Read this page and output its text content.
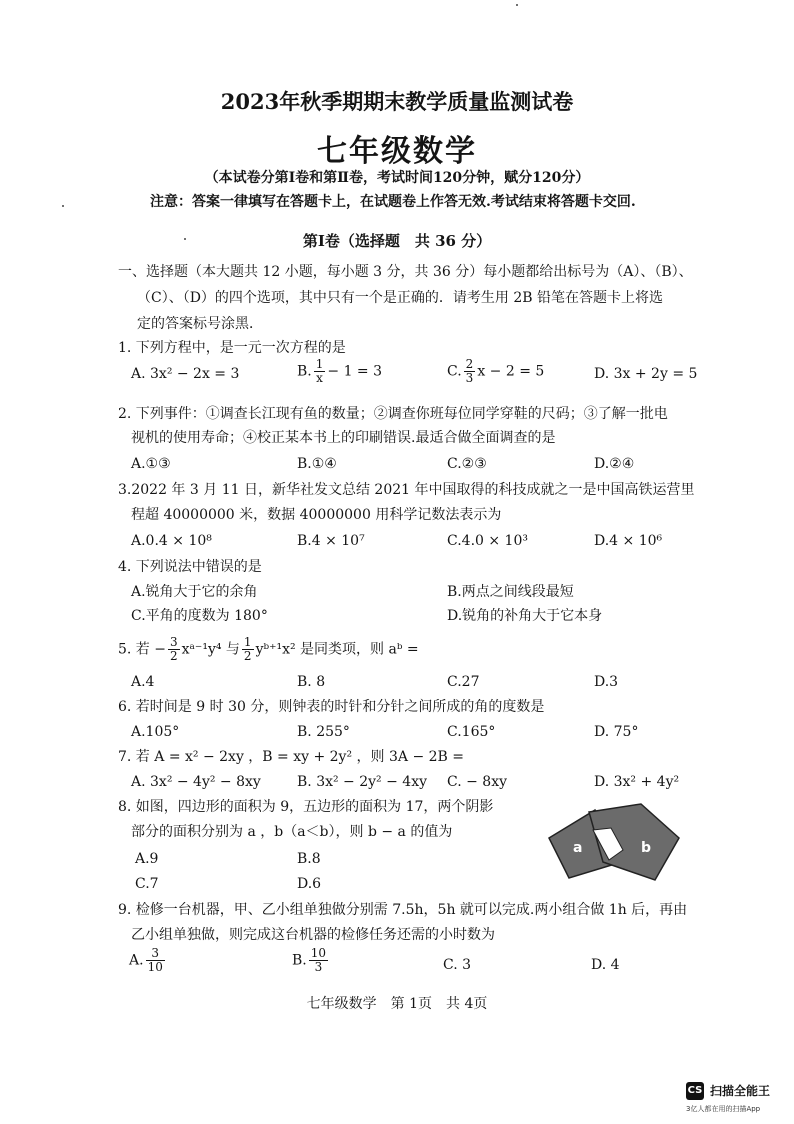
2023年秋季期期末教学质量监测试卷
七年级数学
（本试卷分第Ⅰ卷和第Ⅱ卷，考试时间120分钟，赋分120分）
注意：答案一律填写在答题卡上，在试题卷上作答无效.考试结束将答题卡交回.
第Ⅰ卷（选择题　共 36 分）
一、选择题（本大题共 12 小题，每小题 3 分，共 36 分）每小题都给出标号为（A）、（B）、
（C）、（D）的四个选项，其中只有一个是正确的．请考生用 2B 铅笔在答题卡上将选
定的答案标号涂黑．
1. 下列方程中，是一元一次方程的是
A. 3x² − 2x = 3	B. $\frac{1}{x} - 1 = 3$	C. $\frac{2}{3}$ x − 2 = 5	D. 3x + 2y = 5
2. 下列事件：①调查长江现有鱼的数量；②调查你班每位同学穿鞋的尺码；③了解一批电
视机的使用寿命；④校正某本书上的印刷错误.最适合做全面调查的是
A.①③	B.①④	C.②③	D.②④
3.2022 年 3 月 11 日，新华社发文总结 2021 年中国取得的科技成就之一是中国高铁运营里
程超 40000000 米，数据 40000000 用科学记数法表示为
A.0.4 × 10⁸	B.4 × 10⁷	C.4.0 × 10³	D.4 × 10⁶
4. 下列说法中错误的是
A.锐角大于它的余角	B.两点之间线段最短
C.平角的度数为 180°	D.锐角的补角大于它本身
5. 若 − $\frac{3}{2}$ xᵃ⁻¹y⁴ 与 $\frac{1}{2}$ yᵇ⁺¹x² 是同类项，则 aᵇ =
A.4	B. 8	C.27	D.3
6. 若时间是 9 时 30 分，则钟表的时针和分针之间所成的角的度数是
A.105°	B. 255°	C.165°	D. 75°
7. 若 A = x² − 2xy ，B = xy + 2y² ，则 3A − 2B =
A. 3x² − 4y² − 8xy	B. 3x² − 2y² − 4xy C. − 8xy	D. 3x² + 4y²
8. 如图，四边形的面积为 9，五边形的面积为 17，两个阴影
部分的面积分别为 a ，b（a＜b），则 b − a 的值为
A.9	B.8
C.7	D.6
a	b
9. 检修一台机器，甲、乙小组单独做分别需 7.5h，5h 就可以完成.两小组合做 1h 后，再由
乙小组单独做，则完成这台机器的检修任务还需的小时数为
A. $\frac{3}{10}$	B. $\frac{10}{3}$	C. 3	D. 4
七年级数学　第 1页　共 4页
CS 扫描全能王
3亿人都在用的扫描App
